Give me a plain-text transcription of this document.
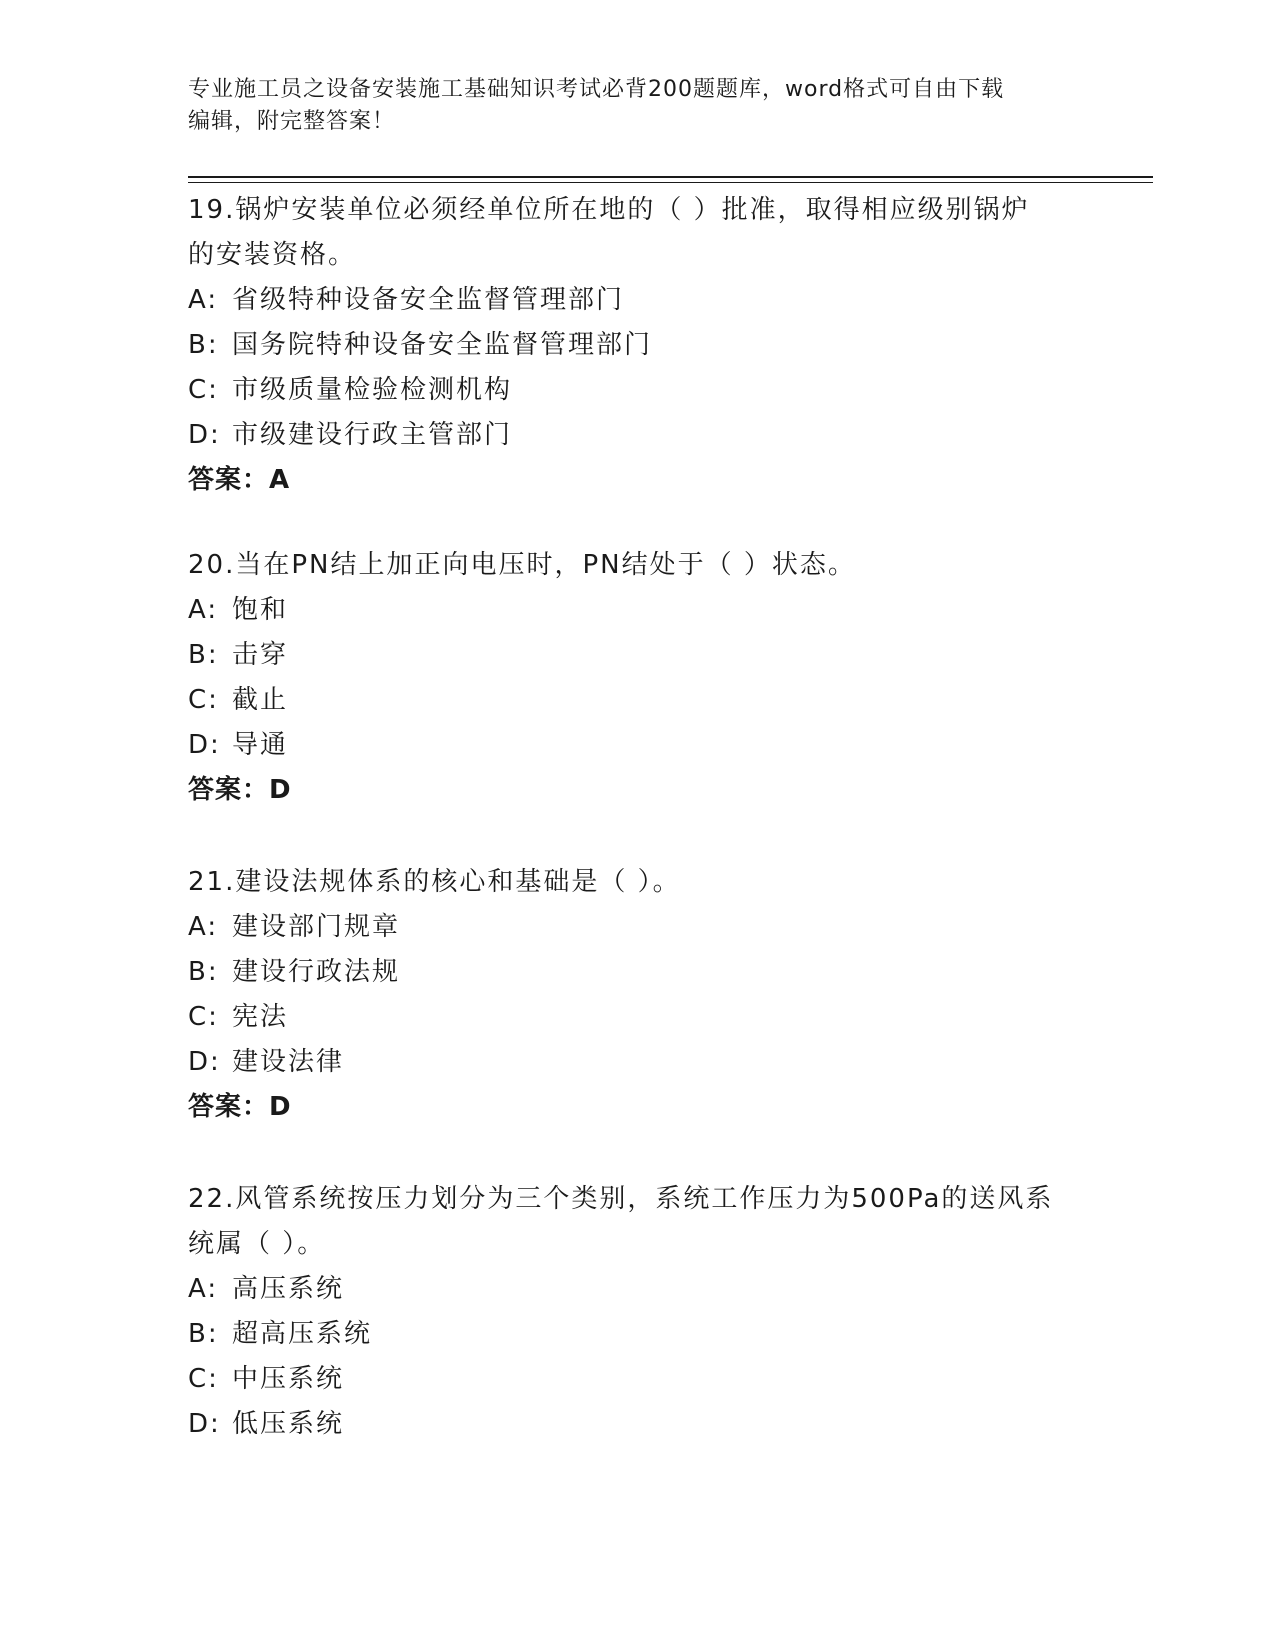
专业施工员之设备安装施工基础知识考试必背200题题库，word格式可自由下载
编辑，附完整答案！

19.锅炉安装单位必须经单位所在地的（ ）批准，取得相应级别锅炉

的安装资格。

A: 省级特种设备安全监督管理部门
B: 国务院特种设备安全监督管理部门
C: 市级质量检验检测机构
D: 市级建设行政主管部门

答案：A

20.当在PN结上加正向电压时，PN结处于（ ）状态。

A: 饱和
B: 击穿
C: 截止
D: 导通

答案：D

21.建设法规体系的核心和基础是（ ）。

A: 建设部门规章
B: 建设行政法规
C: 宪法
D: 建设法律

答案：D

22.风管系统按压力划分为三个类别，系统工作压力为500Pa的送风系

统属（ ）。

A: 高压系统
B: 超高压系统
C: 中压系统
D: 低压系统
